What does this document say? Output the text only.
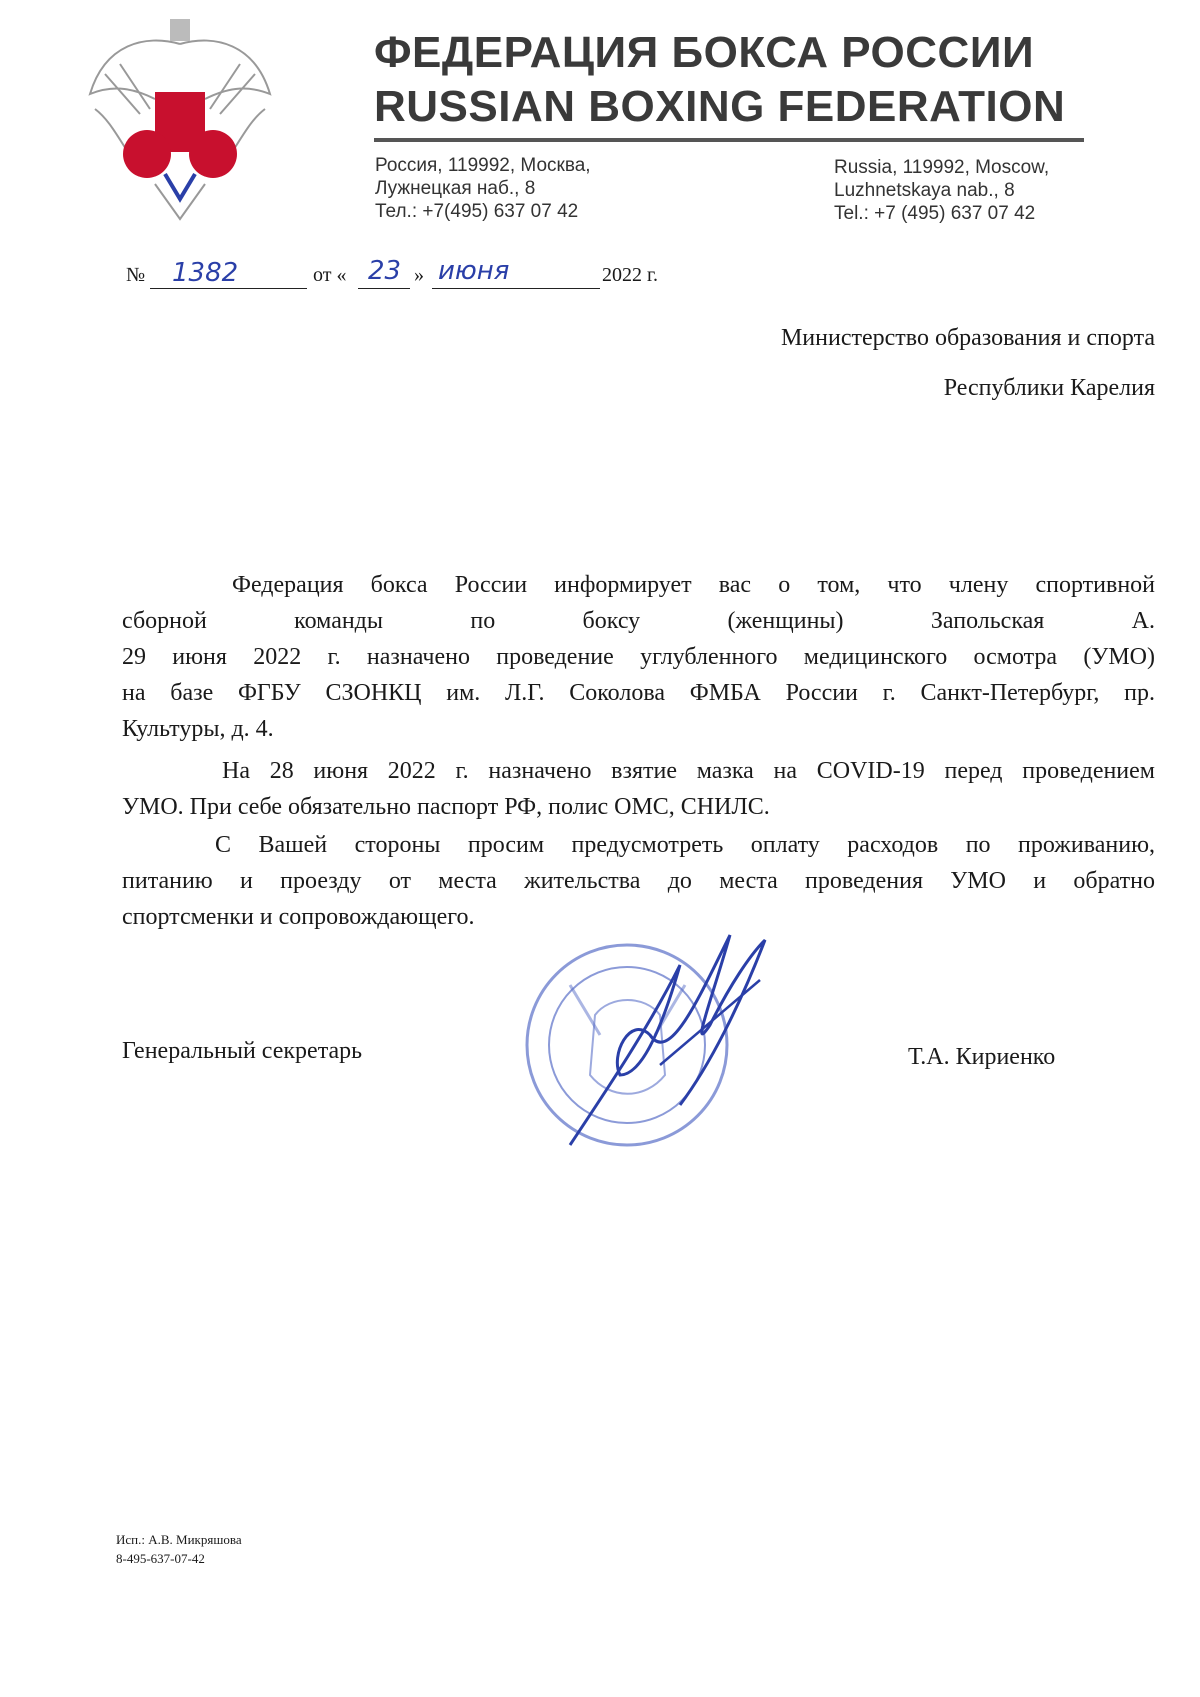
ФЕДЕРАЦИЯ БОКСА РОССИИ
RUSSIAN BOXING FEDERATION
Россия, 119992, Москва,
Лужнецкая наб., 8
Тел.: +7(495) 637 07 42
Russia, 119992, Moscow,
Luzhnetskaya nab., 8
Tel.: +7 (495) 637 07 42
№ 1382	от « 23 » июня	2022 г.
Министерство образования и спорта
Республики Карелия
Федерация бокса России информирует вас о том, что члену спортивной
сборной команды по боксу (женщины) Запольская А.
29 июня 2022 г. назначено проведение углубленного медицинского осмотра (УМО)
на базе ФГБУ СЗОНКЦ им. Л.Г. Соколова ФМБА России г. Санкт-Петербург, пр.
Культуры, д. 4.
На 28 июня 2022 г. назначено взятие мазка на COVID-19 перед проведением
УМО. При себе обязательно паспорт РФ, полис ОМС, СНИЛС.
С Вашей стороны просим предусмотреть оплату расходов по проживанию,
питанию и проезду от места жительства до места проведения УМО и обратно
спортсменки и сопровождающего.
Генеральный секретарь	Т.А. Кириенко
Исп.: А.В. Микряшова
8-495-637-07-42
